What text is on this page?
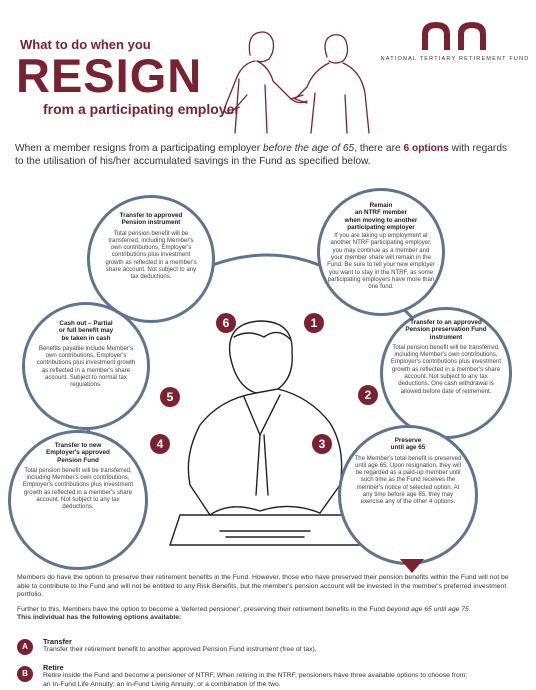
What to do when you
RESIGN
from a participating employer
NATIONAL TERTIARY RETIREMENT FUND
When a member resigns from a participating employer before the age of 65, there are 6 options with regards to the utilisation of his/her accumulated savings in the Fund as specified below.
Transfer to approved
Pension instrument
Total pension benefit will be transferred, including Member's own contributions, Employer's contributions plus investment growth as reflected in a member's share account. Not subject to any tax deductions.
6
Remain
an NTRF member
when moving to another
participating employer
If you are taking up employment at another NTRF participating employer, you may continue as a member and your member share will remain in the Fund. Be sure to tell your new employer you want to stay in the NTRF, as some participating employers have more than one fund.
1
Cash out – Partial
or full benefit may
be taken in cash
Benefits payable include Member's own contributions, Employer's contributions plus investment growth as reflected in a member's share account. Subject to normal tax regulations.
5
Transfer to an approved
Pension preservation Fund
instrument
Total pension benefit will be transferred, including Member's own contributions, Employer's contributions plus investment growth as reflected in a member's share account. Not subject to any tax deductions. One cash withdrawal is allowed before date of retirement.
2
Transfer to new
Employer's approved
Pension Fund
Total pension benefit will be transferred, including Member's own contributions, Employer's contributions plus investment growth as reflected in a member's share account. Not subject to any tax deductions.
4	Preserve
until age 65
The Member's total benefit is preserved until age 65. Upon resignation, they will be regarded as a paid-up member until such time as the Fund receives the member's notice of selected option. At any time before age 65, they may exercise any of the other 4 options.
3

Members do have the option to preserve their retirement benefits in the Fund. However, those who have preserved their pension benefits within the Fund will not be able to contribute to the Fund and will not be entitled to any Risk Benefits, but the member's pension account will be invested in the member's preferred investment portfolio.

Further to this, Members have the option to become a 'deferred pensioner', preserving their retirement benefits in the Fund beyond age 65 until age 75.
This individual has the following options available:

A
Transfer
Transfer their retirement benefit to another approved Pension Fund instrument (free of tax).
B
Retire
Retire inside the Fund and become a pensioner of NTRF. When retiring in the NTRF, pensioners have three available options to choose from:
an In-Fund Life Annuity; an In-Fund Living Annuity; or a combination of the two.
